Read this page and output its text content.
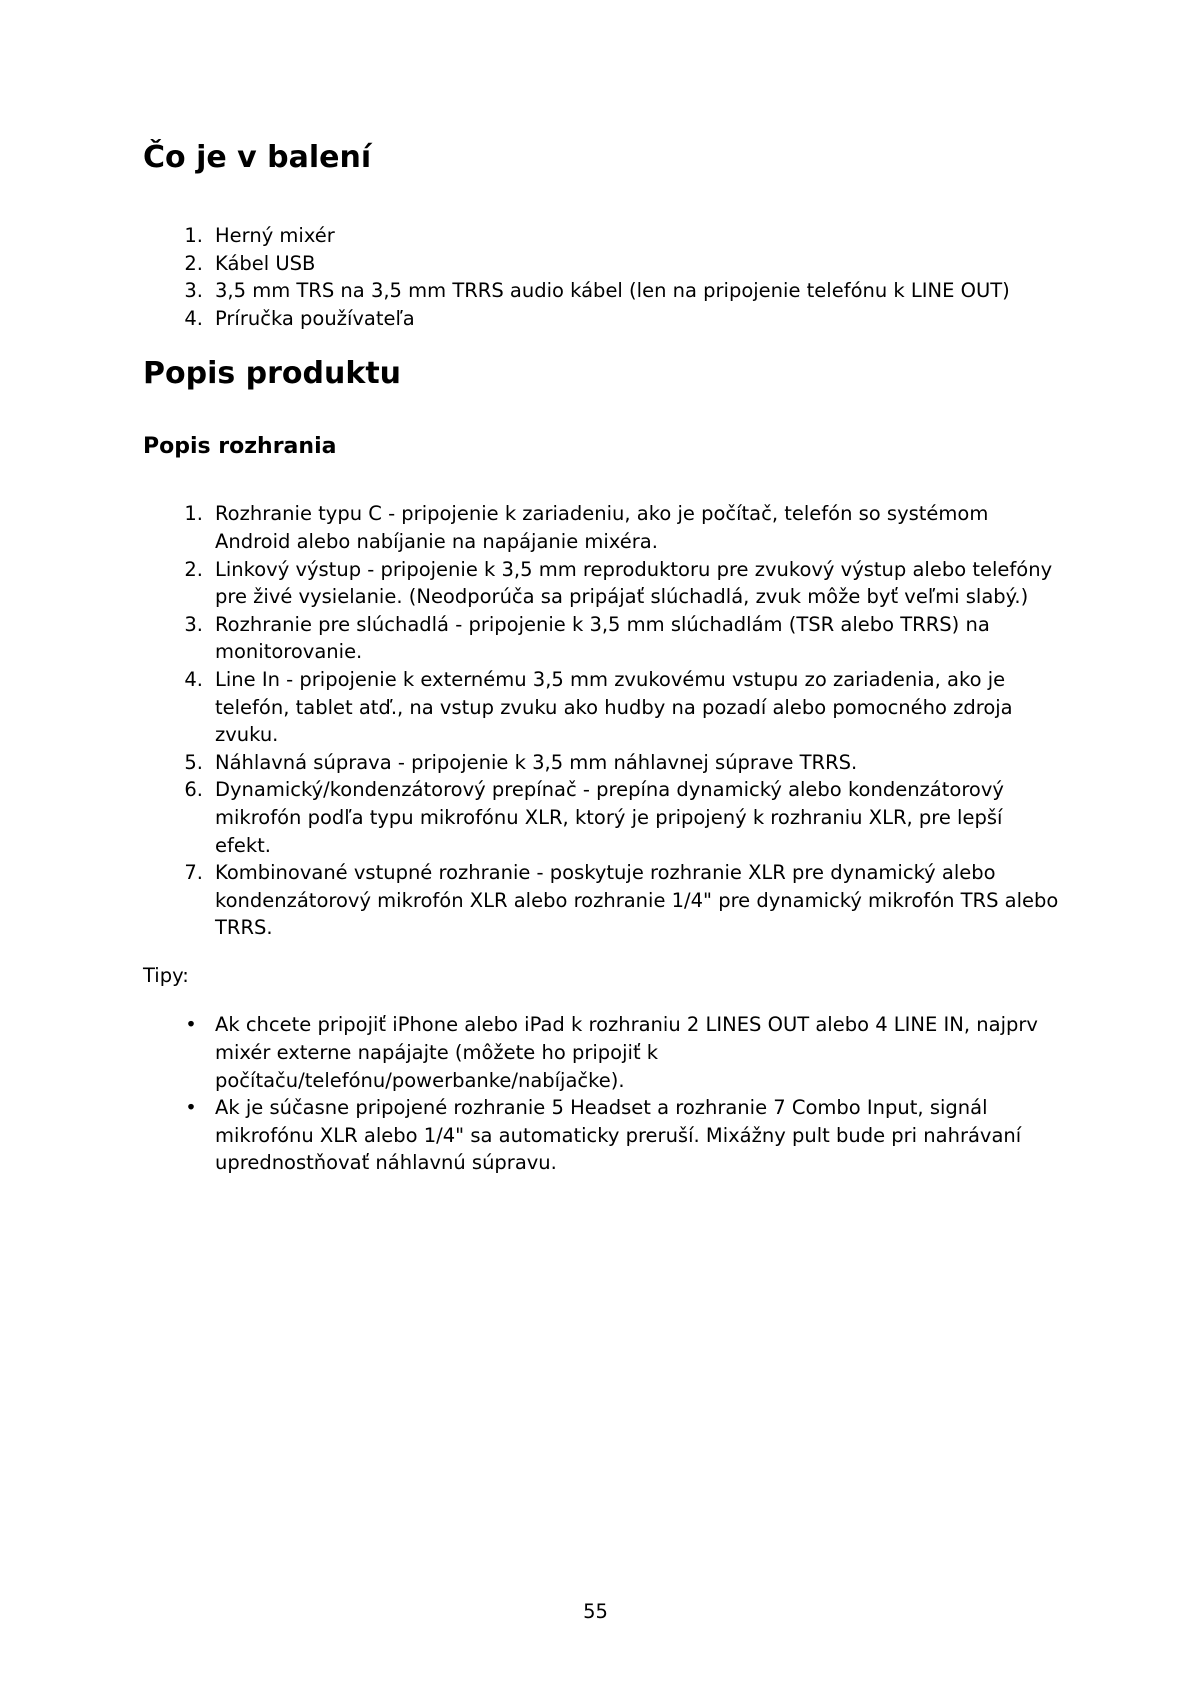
Čo je v balení
1. Herný mixér
2. Kábel USB
3. 3,5 mm TRS na 3,5 mm TRRS audio kábel (len na pripojenie telefónu k LINE OUT)
4. Príručka používateľa
Popis produktu
Popis rozhrania
1. Rozhranie typu C - pripojenie k zariadeniu, ako je počítač, telefón so systémom Android alebo nabíjanie na napájanie mixéra.
2. Linkový výstup - pripojenie k 3,5 mm reproduktoru pre zvukový výstup alebo telefóny pre živé vysielanie. (Neodporúča sa pripájať slúchadlá, zvuk môže byť veľmi slabý.)
3. Rozhranie pre slúchadlá - pripojenie k 3,5 mm slúchadlám (TSR alebo TRRS) na monitorovanie.
4. Line In - pripojenie k externému 3,5 mm zvukovému vstupu zo zariadenia, ako je telefón, tablet atď., na vstup zvuku ako hudby na pozadí alebo pomocného zdroja zvuku.
5. Náhlavná súprava - pripojenie k 3,5 mm náhlavnej súprave TRRS.
6. Dynamický/kondenzátorový prepínač - prepína dynamický alebo kondenzátorový mikrofón podľa typu mikrofónu XLR, ktorý je pripojený k rozhraniu XLR, pre lepší efekt.
7. Kombinované vstupné rozhranie - poskytuje rozhranie XLR pre dynamický alebo kondenzátorový mikrofón XLR alebo rozhranie 1/4" pre dynamický mikrofón TRS alebo TRRS.

Tipy:

• Ak chcete pripojiť iPhone alebo iPad k rozhraniu 2 LINES OUT alebo 4 LINE IN, najprv mixér externe napájajte (môžete ho pripojiť k počítaču/telefónu/powerbanke/nabíjačke).
• Ak je súčasne pripojené rozhranie 5 Headset a rozhranie 7 Combo Input, signál mikrofónu XLR alebo 1/4" sa automaticky preruší. Mixážny pult bude pri nahrávaní uprednostňovať náhlavnú súpravu.
55
